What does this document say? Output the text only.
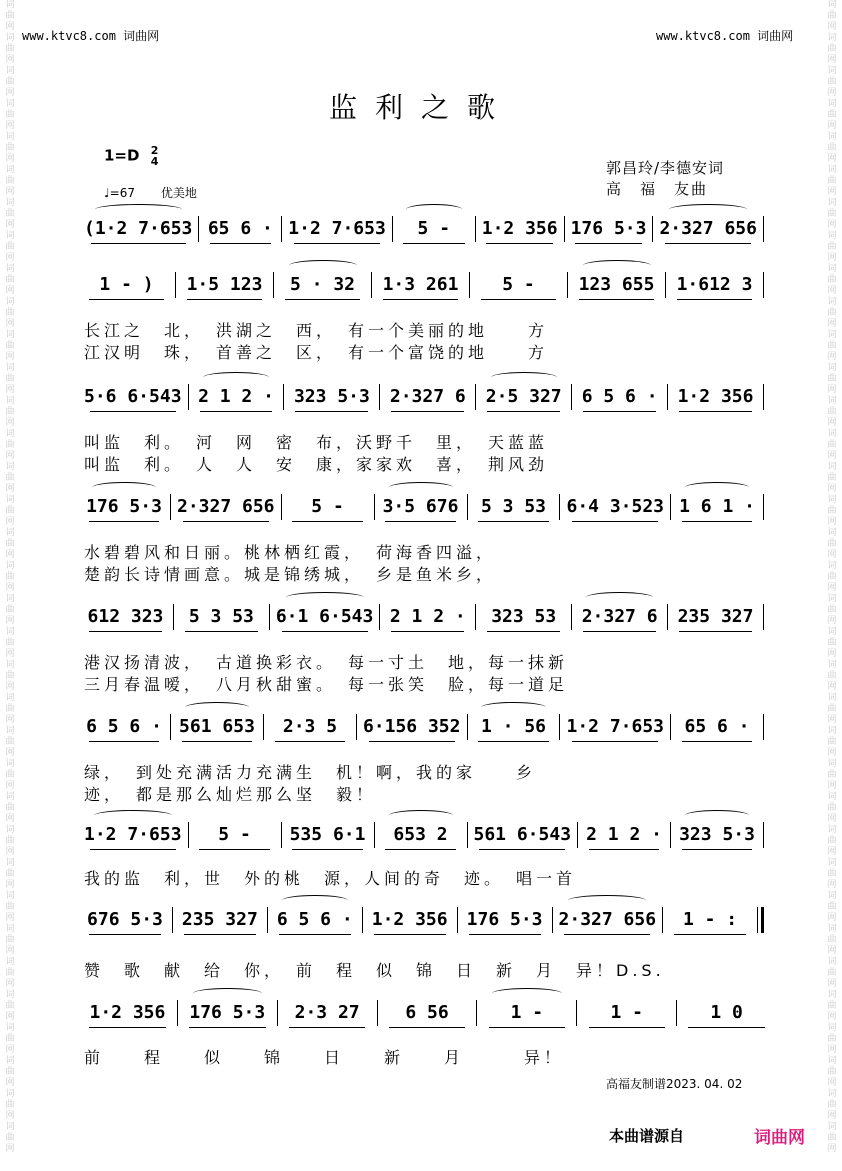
词曲网词曲网词曲网词曲网词曲网词曲网词曲网词曲网词曲网词曲网词曲网词曲网词曲网词曲网词曲网词曲网词曲网词曲网词曲网词曲网词曲网词曲网词曲网词曲网词曲网词曲网词曲网词曲网词曲网词曲网词曲网词曲网词曲网词曲网词曲网
词曲网词曲网词曲网词曲网词曲网词曲网词曲网词曲网词曲网词曲网词曲网词曲网词曲网词曲网词曲网词曲网词曲网词曲网词曲网词曲网词曲网词曲网词曲网词曲网词曲网词曲网词曲网词曲网词曲网词曲网词曲网词曲网词曲网词曲网词曲网
www.ktvc8.com 词曲网	www.ktvc8.com 词曲网
监利之歌
1=D 2
4
♩=67 优美地
郭昌玲/李德安词
高　福　友曲
(1·2 7·653 65 6 · 1·2 7·653 5 - 1·2 356 176 5·3 2·327 656
1 - ) 1·5 123 5 · 32 1·3 261 5 - 123 655 1·612 3
5·6 6·543 2 1 2 · 323 5·3 2·327 6 2·5 327 6 5 6 · 1·2 356
176 5·3 2·327 656 5 - 3·5 676 5 3 53 6·4 3·523 1 6 1 ·
612 323 5 3 53 6·1 6·543 2 1 2 · 323 53 2·327 6 235 327
6 5 6 · 561 653 2·3 5 6·156 352 1 · 56 1·2 7·653 65 6 ·
1·2 7·653 5 - 535 6·1 653 2 561 6·543 2 1 2 · 323 5·3
676 5·3 235 327 6 5 6 · 1·2 356 176 5·3 2·327 656 1 - :
1·2 356 176 5·3 2·3 27	6 56	1 -	1 -	1 0
长江之　北，　洪湖之　西，　有一个美丽的地　　方
江汉明　珠，　首善之　区，　有一个富饶的地　　方
叫监　利。　河　网　密　布，沃野千　里，　天蓝蓝
叫监　利。　人　人　安　康，家家欢　喜，　荆风劲
水碧碧风和日丽。桃林栖红霞，　荷海香四溢，
楚韵长诗情画意。城是锦绣城，　乡是鱼米乡，
港汉扬清波，　古道换彩衣。　每一寸土　地，每一抹新
三月春温嗳，　八月秋甜蜜。　每一张笑　脸，每一道足
绿，　到处充满活力充满生　机！啊，我的家　　乡
迹，　都是那么灿烂那么坚　毅！
我的监　利，世　外的桃　源，人间的奇　迹。　唱一首
赞　歌　献　给　你，　前　程　似　锦　日　新　月　异！D.S.
前　　程　　似　　锦　　日　　新　　月　　　异！
高福友制谱2023. 04. 02
本曲谱源自	词曲网
